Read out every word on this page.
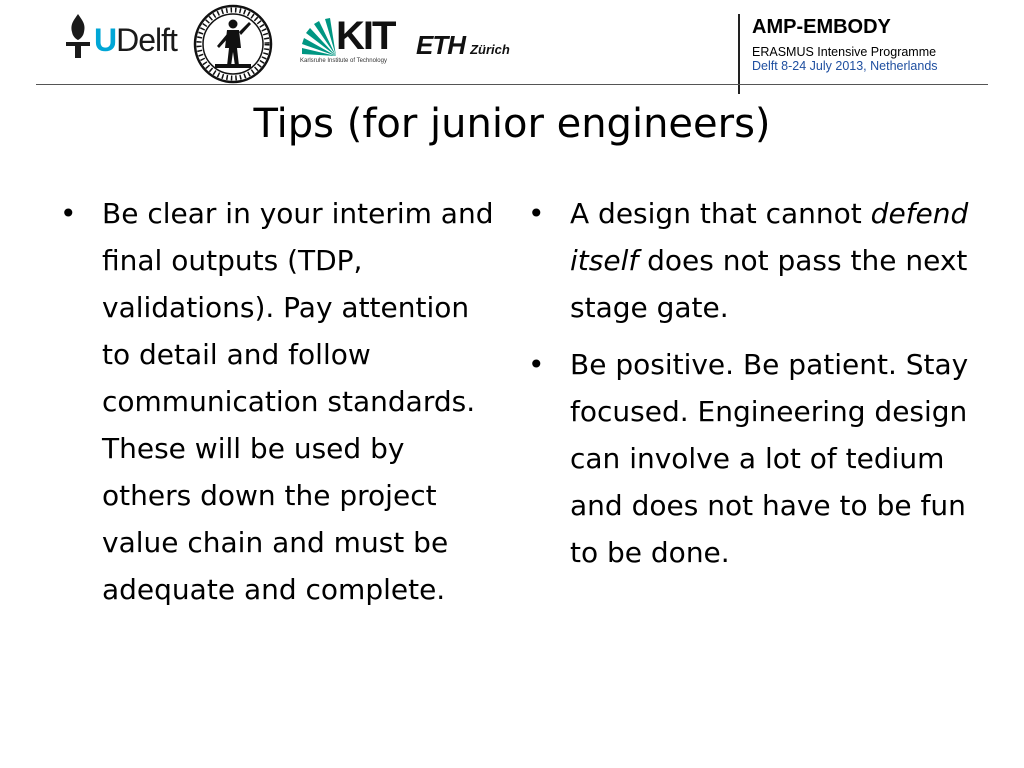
UDelft	KIT
Karlsruhe Institute of Technology
ETH Zürich
AMP-EMBODY
ERASMUS Intensive Programme
Delft 8-24 July 2013, Netherlands
Tips (for junior engineers)
• Be clear in your interim and final outputs (TDP, validations). Pay attention to detail and follow communication standards. These will be used by others down the project value chain and must be adequate and complete.
• A design that cannot defend itself does not pass the next stage gate.
• Be positive. Be patient. Stay focused. Engineering design can involve a lot of tedium and does not have to be fun to be done.
